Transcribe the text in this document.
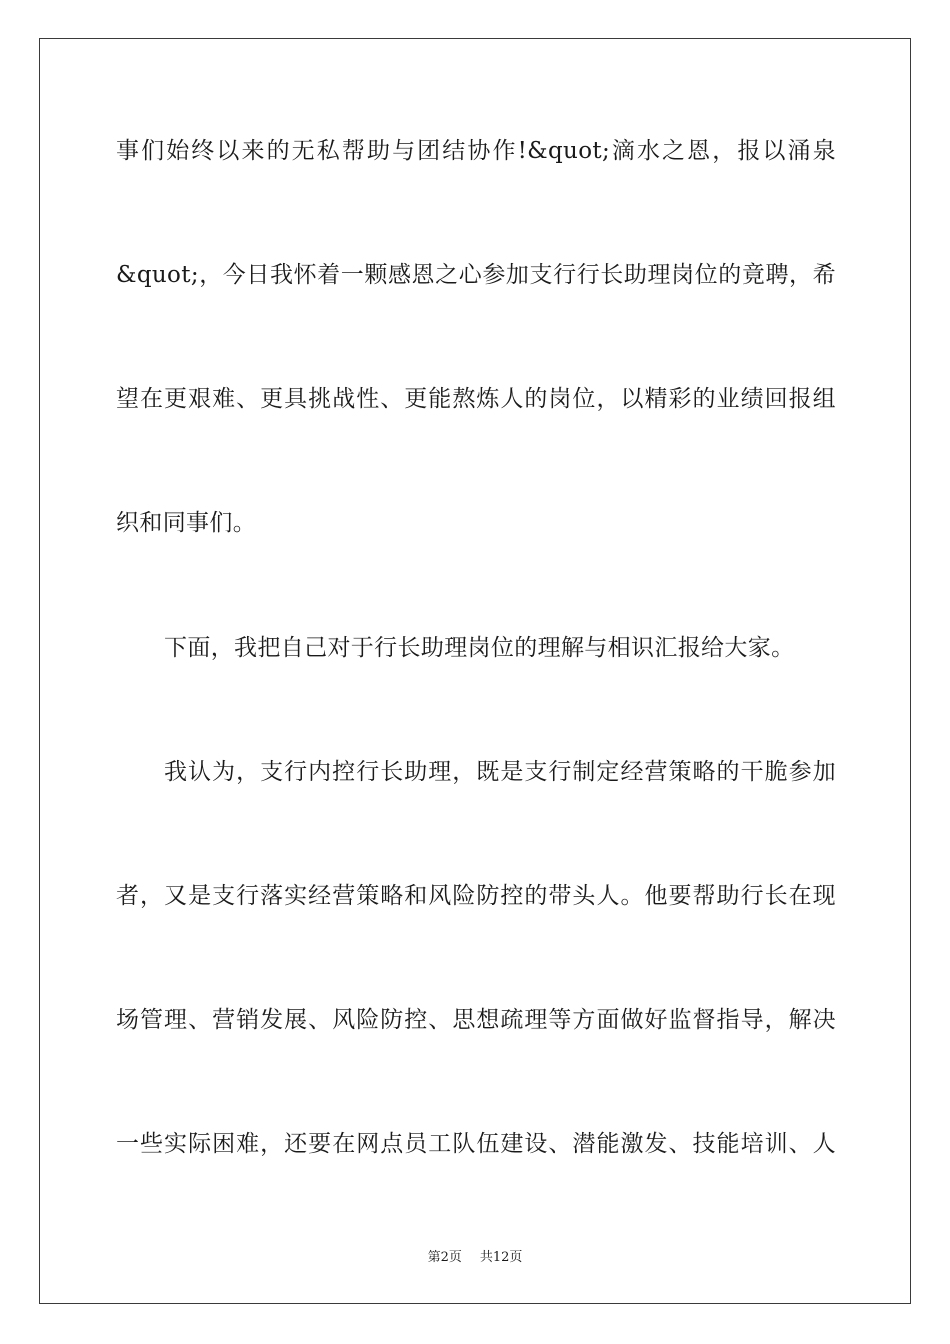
事们始终以来的无私帮助与团结协作!&quot;滴水之恩，报以涌泉
&quot;，今日我怀着一颗感恩之心参加支行行长助理岗位的竟聘，希
望在更艰难、更具挑战性、更能熬炼人的岗位，以精彩的业绩回报组
织和同事们。
下面，我把自己对于行长助理岗位的理解与相识汇报给大家。
我认为，支行内控行长助理，既是支行制定经营策略的干脆参加
者，又是支行落实经营策略和风险防控的带头人。他要帮助行长在现
场管理、营销发展、风险防控、思想疏理等方面做好监督指导，解决
一些实际困难，还要在网点员工队伍建设、潜能激发、技能培训、人
第2页 共12页
